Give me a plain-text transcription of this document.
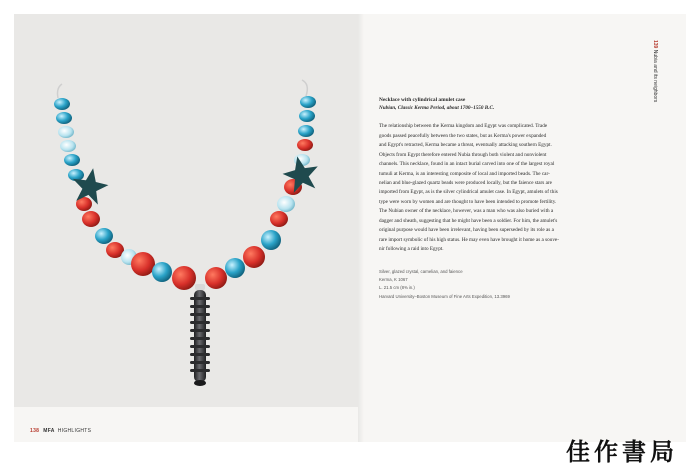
138 MFA HIGHLIGHTS
139 Nubia and its neighbors
Necklace with cylindrical amulet case
Nubian, Classic Kerma Period, about 1700–1550 B.C.
The relationship between the Kerma kingdom and Egypt was complicated. Trade
goods passed peacefully between the two states, but as Kerma's power expanded
and Egypt's retracted, Kerma became a threat, eventually attacking southern Egypt.
Objects from Egypt therefore entered Nubia through both violent and nonviolent
channels. This necklace, found in an intact burial carved into one of the largest royal
tumuli at Kerma, is an interesting composite of local and imported beads. The car-
nelian and blue-glazed quartz beads were produced locally, but the faience stars are
imported from Egypt, as is the silver cylindrical amulet case. In Egypt, amulets of this
type were worn by women and are thought to have been intended to promote fertility.
The Nubian owner of the necklace, however, was a man who was also buried with a
dagger and sheath, suggesting that he might have been a soldier. For him, the amulet's
original purpose would have been irrelevant, having been superseded by its role as a
rare import symbolic of his high status. He may even have brought it home as a souve-
nir following a raid into Egypt.
Silver, glazed crystal, carnelian, and faience
Kerma, K 1067
L. 21.5 cm (8⅜ in.)
Harvard University–Boston Museum of Fine Arts Expedition, 13.3969
佳作書局
